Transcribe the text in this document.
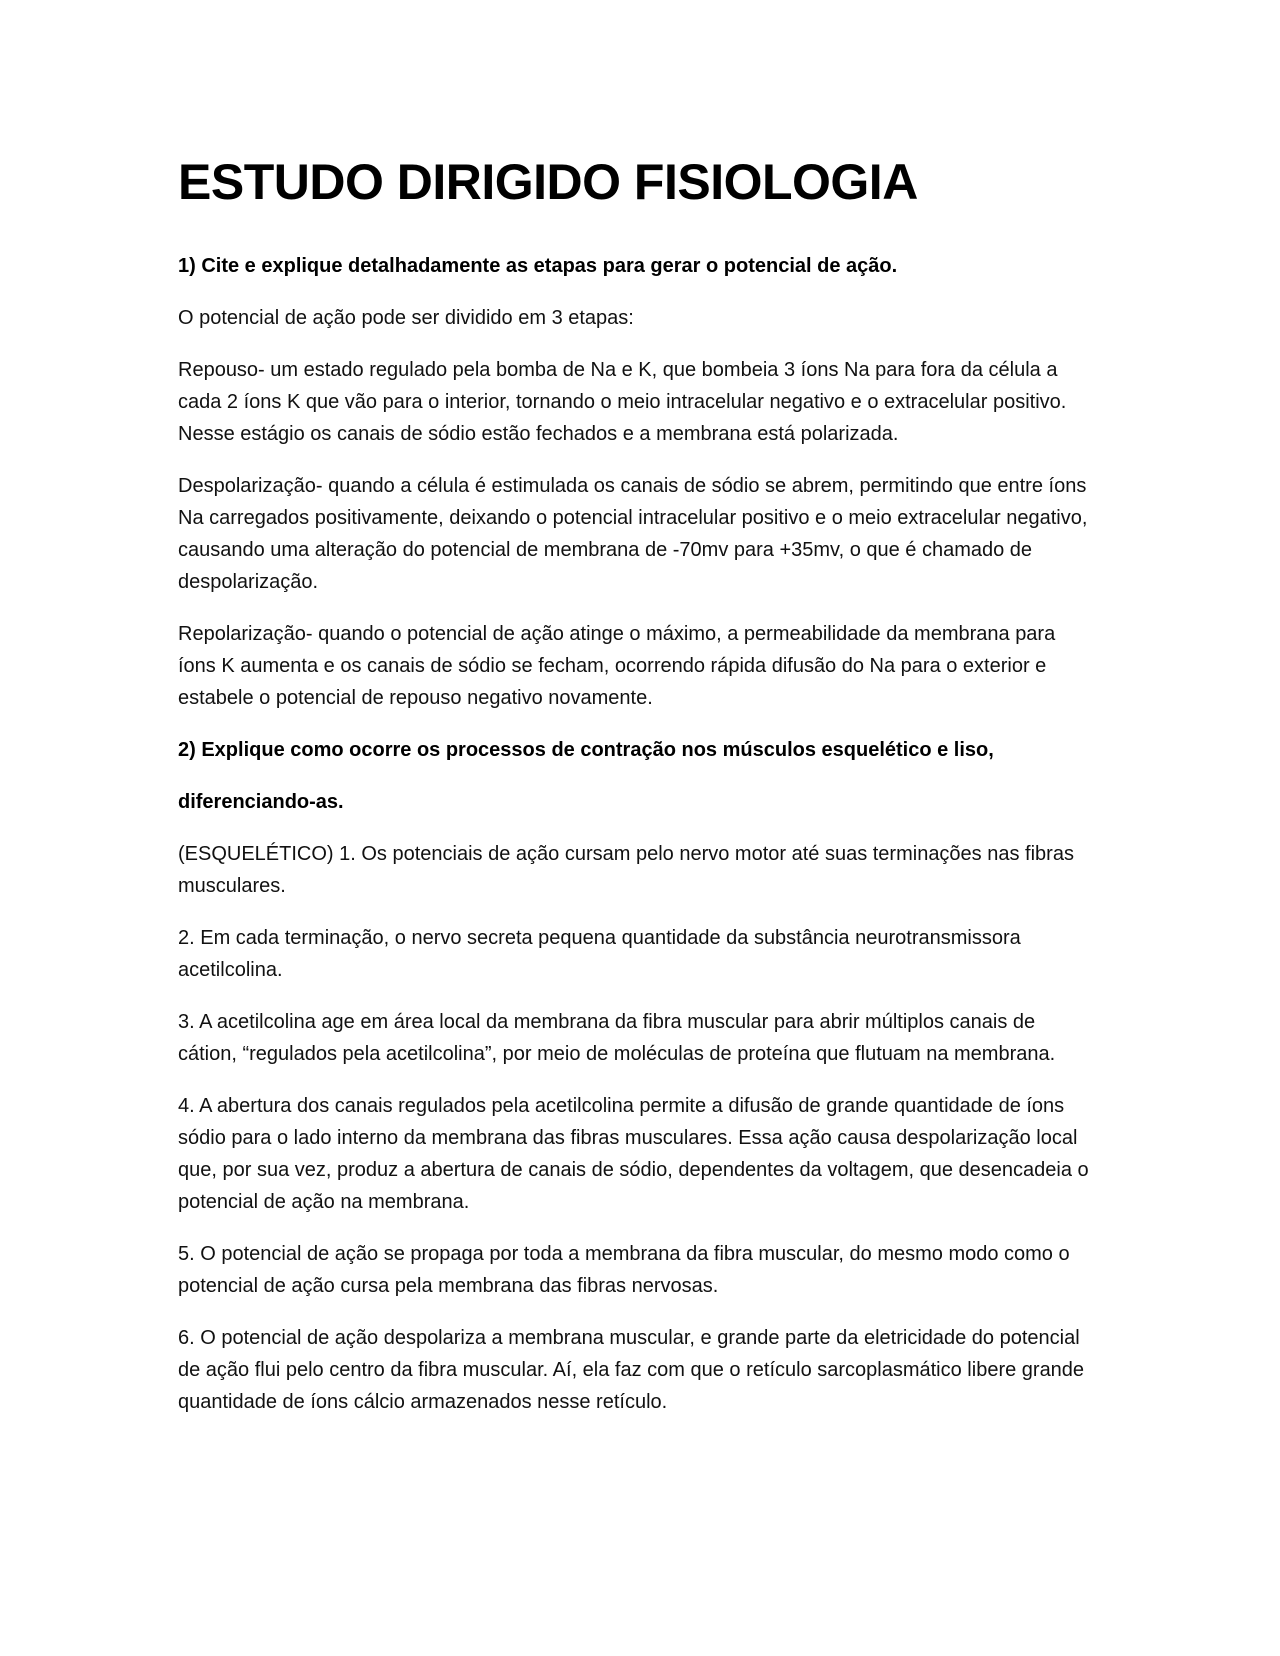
ESTUDO DIRIGIDO FISIOLOGIA

1) Cite e explique detalhadamente as etapas para gerar o potencial de ação.

O potencial de ação pode ser dividido em 3 etapas:

Repouso- um estado regulado pela bomba de Na e K, que bombeia 3 íons Na para fora da célula a cada 2 íons K que vão para o interior, tornando o meio intracelular negativo e o extracelular positivo. Nesse estágio os canais de sódio estão fechados e a membrana está polarizada.

Despolarização- quando a célula é estimulada os canais de sódio se abrem, permitindo que entre íons Na carregados positivamente, deixando o potencial intracelular positivo e o meio extracelular negativo, causando uma alteração do potencial de membrana de -70mv para +35mv, o que é chamado de despolarização.

Repolarização- quando o potencial de ação atinge o máximo, a permeabilidade da membrana para íons K aumenta e os canais de sódio se fecham, ocorrendo rápida difusão do Na para o exterior e estabele o potencial de repouso negativo novamente.

2) Explique como ocorre os processos de contração nos músculos esquelético e liso,

diferenciando-as.

(ESQUELÉTICO) 1. Os potenciais de ação cursam pelo nervo motor até suas terminações nas fibras musculares.

2. Em cada terminação, o nervo secreta pequena quantidade da substância neurotransmissora acetilcolina.

3. A acetilcolina age em área local da membrana da fibra muscular para abrir múltiplos canais de cátion, “regulados pela acetilcolina”, por meio de moléculas de proteína que flutuam na membrana.

4. A abertura dos canais regulados pela acetilcolina permite a difusão de grande quantidade de íons sódio para o lado interno da membrana das fibras musculares. Essa ação causa despolarização local que, por sua vez, produz a abertura de canais de sódio, dependentes da voltagem, que desencadeia o potencial de ação na membrana.

5. O potencial de ação se propaga por toda a membrana da fibra muscular, do mesmo modo como o potencial de ação cursa pela membrana das fibras nervosas.

6. O potencial de ação despolariza a membrana muscular, e grande parte da eletricidade do potencial de ação flui pelo centro da fibra muscular. Aí, ela faz com que o retículo sarcoplasmático libere grande quantidade de íons cálcio armazenados nesse retículo.
